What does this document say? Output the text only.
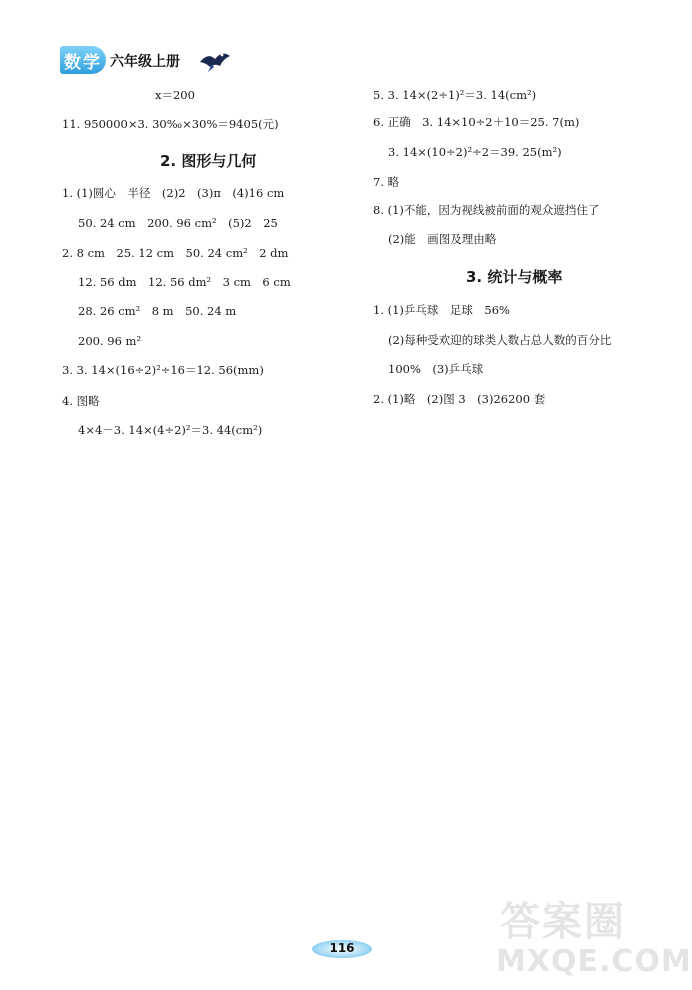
数学 六年级上册
x＝200
11. 950000×3. 30‰×30%＝9405(元)
2. 图形与几何
1. (1)圆心　半径　(2)2　(3)π　(4)16 cm
50. 24 cm　200. 96 cm²　(5)2　25
2. 8 cm　25. 12 cm　50. 24 cm²　2 dm
12. 56 dm　12. 56 dm²　3 cm　6 cm
28. 26 cm²　8 m　50. 24 m
200. 96 m²
3. 3. 14×(16÷2)²÷16＝12. 56(mm)
4. 图略
4×4－3. 14×(4÷2)²＝3. 44(cm²)
5. 3. 14×(2÷1)²＝3. 14(cm²)
6. 正确　3. 14×10÷2＋10＝25. 7(m)
3. 14×(10÷2)²÷2＝39. 25(m²)
7. 略
8. (1)不能，因为视线被前面的观众遮挡住了
(2)能　画图及理由略
3. 统计与概率
1. (1)乒乓球　足球　56%
(2)每种受欢迎的球类人数占总人数的百分比
100%　(3)乒乓球
2. (1)略　(2)图 3　(3)26200 套
116
答案圈
MXQE.COM
